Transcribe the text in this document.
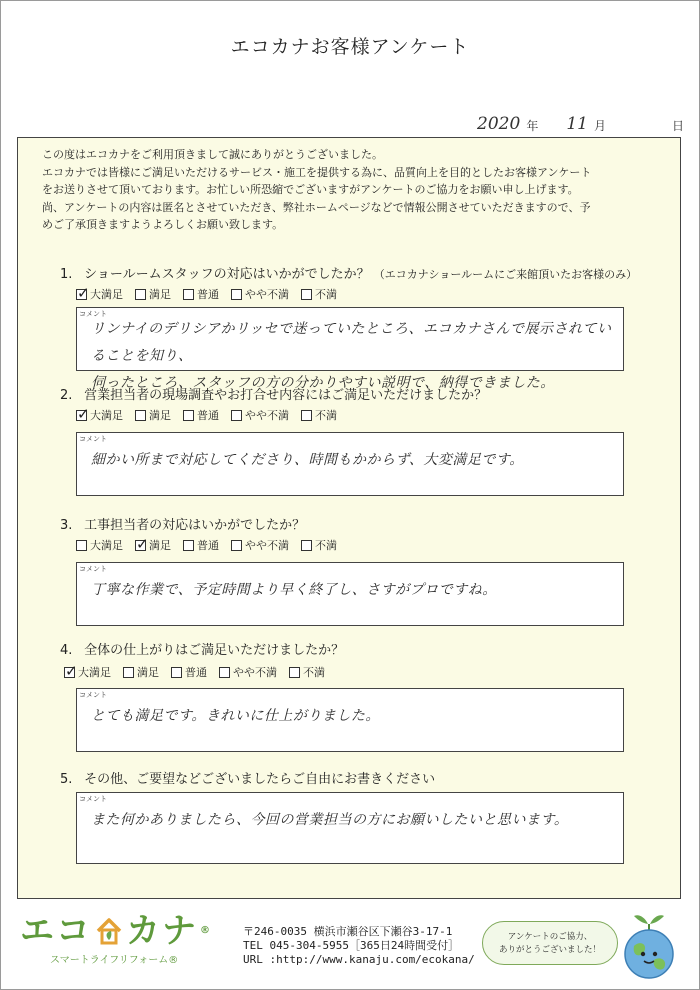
エコカナお客様アンケート
2020 年 11 月	日

この度はエコカナをご利用頂きまして誠にありがとうございました。

エコカナでは皆様にご満足いただけるサービス・施工を提供する為に、品質向上を目的としたお客様アンケート

をお送りさせて頂いております。お忙しい所恐縮でございますがアンケートのご協力をお願い申し上げます。

尚、アンケートの内容は匿名とさせていただき、弊社ホームページなどで情報公開させていただきますので、予

めご了承頂きますようよろしくお願い致します。

1. ショールームスタッフの対応はいかがでしたか？ （エコカナショールームにご来館頂いたお客様のみ）
✓ 大満足 満足 普通 やや不満 不満
コメント
リンナイのデリシアかリッセで迷っていたところ、エコカナさんで展示されていることを知り、
伺ったところ、スタッフの方の分かりやすい説明で、納得できました。
2. 営業担当者の現場調査やお打合せ内容にはご満足いただけましたか？
✓ 大満足 満足 普通 やや不満 不満
コメント
細かい所まで対応してくださり、時間もかからず、大変満足です。
3. 工事担当者の対応はいかがでしたか？
大満足 ✓ 満足 普通 やや不満 不満
コメント
丁寧な作業で、予定時間より早く終了し、さすがプロですね。
4. 全体の仕上がりはご満足いただけましたか？
✓ 大満足 満足 普通 やや不満 不満
コメント
とても満足です。きれいに仕上がりました。
5. その他、ご要望などございましたらご自由にお書きください
コメント
また何かありましたら、今回の営業担当の方にお願いしたいと思います。
エコ カナ ®
スマートライフリフォーム®
〒246-0035 横浜市瀬谷区下瀬谷3-17-1
TEL 045-304-5955［365日24時間受付］
URL :http://www.kanaju.com/ecokana/
アンケートのご協力、
ありがとうございました！
